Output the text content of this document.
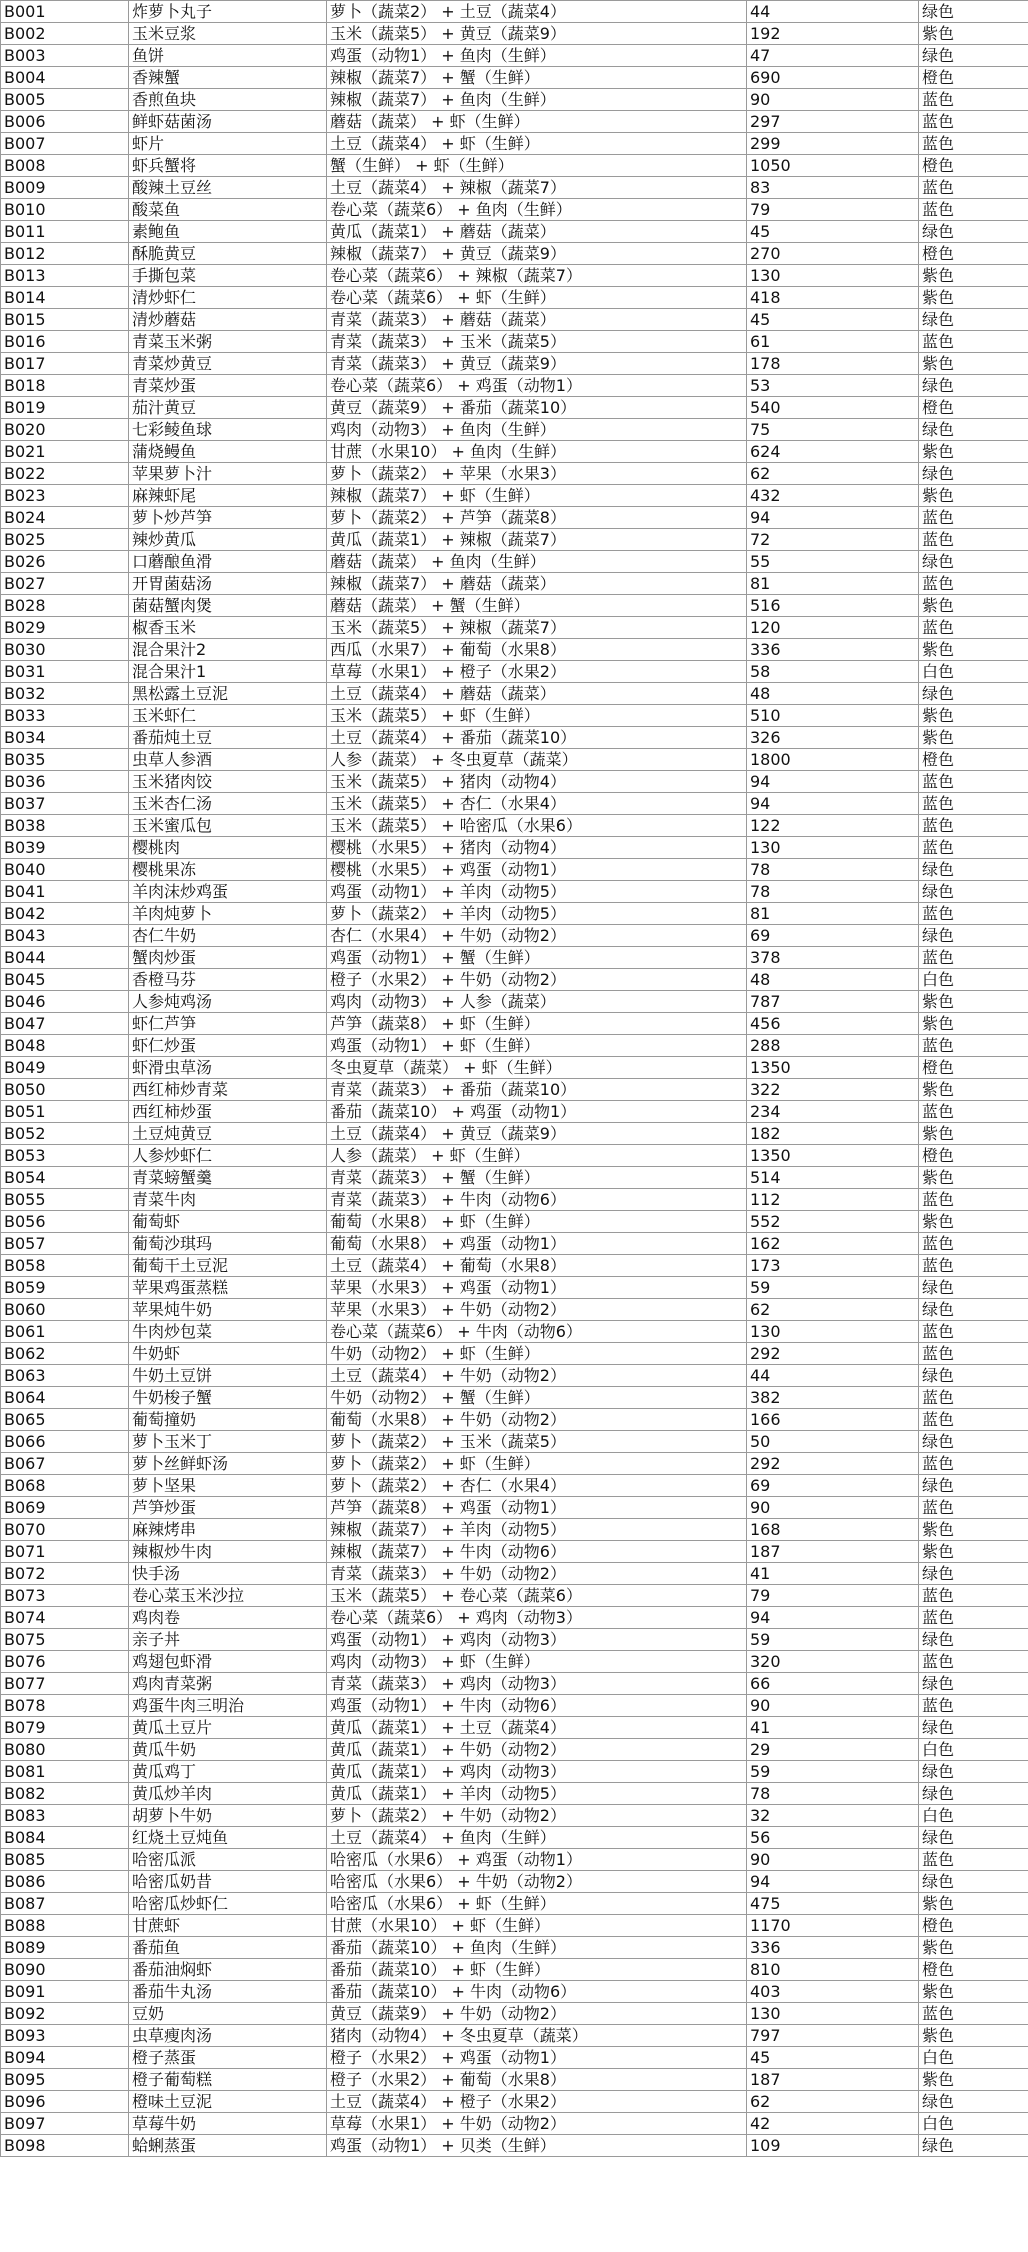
B001	炸萝卜丸子	萝卜（蔬菜2） + 土豆（蔬菜4）	44	绿色
B002	玉米豆浆	玉米（蔬菜5） + 黄豆（蔬菜9）	192	紫色
B003	鱼饼	鸡蛋（动物1） + 鱼肉（生鲜）	47	绿色
B004	香辣蟹	辣椒（蔬菜7） + 蟹（生鲜）	690	橙色
B005	香煎鱼块	辣椒（蔬菜7） + 鱼肉（生鲜）	90	蓝色
B006	鲜虾菇菌汤	蘑菇（蔬菜） + 虾（生鲜）	297	蓝色
B007	虾片	土豆（蔬菜4） + 虾（生鲜）	299	蓝色
B008	虾兵蟹将	蟹（生鲜） + 虾（生鲜）	1050	橙色
B009	酸辣土豆丝	土豆（蔬菜4） + 辣椒（蔬菜7）	83	蓝色
B010	酸菜鱼	卷心菜（蔬菜6） + 鱼肉（生鲜）	79	蓝色
B011	素鲍鱼	黄瓜（蔬菜1） + 蘑菇（蔬菜）	45	绿色
B012	酥脆黄豆	辣椒（蔬菜7） + 黄豆（蔬菜9）	270	橙色
B013	手撕包菜	卷心菜（蔬菜6） + 辣椒（蔬菜7）	130	紫色
B014	清炒虾仁	卷心菜（蔬菜6） + 虾（生鲜）	418	紫色
B015	清炒蘑菇	青菜（蔬菜3） + 蘑菇（蔬菜）	45	绿色
B016	青菜玉米粥	青菜（蔬菜3） + 玉米（蔬菜5）	61	蓝色
B017	青菜炒黄豆	青菜（蔬菜3） + 黄豆（蔬菜9）	178	紫色
B018	青菜炒蛋	卷心菜（蔬菜6） + 鸡蛋（动物1）	53	绿色
B019	茄汁黄豆	黄豆（蔬菜9） + 番茄（蔬菜10）	540	橙色
B020	七彩鲮鱼球	鸡肉（动物3） + 鱼肉（生鲜）	75	绿色
B021	蒲烧鳗鱼	甘蔗（水果10） + 鱼肉（生鲜）	624	紫色
B022	苹果萝卜汁	萝卜（蔬菜2） + 苹果（水果3）	62	绿色
B023	麻辣虾尾	辣椒（蔬菜7） + 虾（生鲜）	432	紫色
B024	萝卜炒芦笋	萝卜（蔬菜2） + 芦笋（蔬菜8）	94	蓝色
B025	辣炒黄瓜	黄瓜（蔬菜1） + 辣椒（蔬菜7）	72	蓝色
B026	口蘑酿鱼滑	蘑菇（蔬菜） + 鱼肉（生鲜）	55	绿色
B027	开胃菌菇汤	辣椒（蔬菜7） + 蘑菇（蔬菜）	81	蓝色
B028	菌菇蟹肉煲	蘑菇（蔬菜） + 蟹（生鲜）	516	紫色
B029	椒香玉米	玉米（蔬菜5） + 辣椒（蔬菜7）	120	蓝色
B030	混合果汁2	西瓜（水果7） + 葡萄（水果8）	336	紫色
B031	混合果汁1	草莓（水果1） + 橙子（水果2）	58	白色
B032	黑松露土豆泥	土豆（蔬菜4） + 蘑菇（蔬菜）	48	绿色
B033	玉米虾仁	玉米（蔬菜5） + 虾（生鲜）	510	紫色
B034	番茄炖土豆	土豆（蔬菜4） + 番茄（蔬菜10）	326	紫色
B035	虫草人参酒	人参（蔬菜） + 冬虫夏草（蔬菜）	1800	橙色
B036	玉米猪肉饺	玉米（蔬菜5） + 猪肉（动物4）	94	蓝色
B037	玉米杏仁汤	玉米（蔬菜5） + 杏仁（水果4）	94	蓝色
B038	玉米蜜瓜包	玉米（蔬菜5） + 哈密瓜（水果6）	122	蓝色
B039	樱桃肉	樱桃（水果5） + 猪肉（动物4）	130	蓝色
B040	樱桃果冻	樱桃（水果5） + 鸡蛋（动物1）	78	绿色
B041	羊肉沫炒鸡蛋	鸡蛋（动物1） + 羊肉（动物5）	78	绿色
B042	羊肉炖萝卜	萝卜（蔬菜2） + 羊肉（动物5）	81	蓝色
B043	杏仁牛奶	杏仁（水果4） + 牛奶（动物2）	69	绿色
B044	蟹肉炒蛋	鸡蛋（动物1） + 蟹（生鲜）	378	蓝色
B045	香橙马芬	橙子（水果2） + 牛奶（动物2）	48	白色
B046	人参炖鸡汤	鸡肉（动物3） + 人参（蔬菜）	787	紫色
B047	虾仁芦笋	芦笋（蔬菜8） + 虾（生鲜）	456	紫色
B048	虾仁炒蛋	鸡蛋（动物1） + 虾（生鲜）	288	蓝色
B049	虾滑虫草汤	冬虫夏草（蔬菜） + 虾（生鲜）	1350	橙色
B050	西红柿炒青菜	青菜（蔬菜3） + 番茄（蔬菜10）	322	紫色
B051	西红柿炒蛋	番茄（蔬菜10） + 鸡蛋（动物1）	234	蓝色
B052	土豆炖黄豆	土豆（蔬菜4） + 黄豆（蔬菜9）	182	紫色
B053	人参炒虾仁	人参（蔬菜） + 虾（生鲜）	1350	橙色
B054	青菜螃蟹羹	青菜（蔬菜3） + 蟹（生鲜）	514	紫色
B055	青菜牛肉	青菜（蔬菜3） + 牛肉（动物6）	112	蓝色
B056	葡萄虾	葡萄（水果8） + 虾（生鲜）	552	紫色
B057	葡萄沙琪玛	葡萄（水果8） + 鸡蛋（动物1）	162	蓝色
B058	葡萄干土豆泥	土豆（蔬菜4） + 葡萄（水果8）	173	蓝色
B059	苹果鸡蛋蒸糕	苹果（水果3） + 鸡蛋（动物1）	59	绿色
B060	苹果炖牛奶	苹果（水果3） + 牛奶（动物2）	62	绿色
B061	牛肉炒包菜	卷心菜（蔬菜6） + 牛肉（动物6）	130	蓝色
B062	牛奶虾	牛奶（动物2） + 虾（生鲜）	292	蓝色
B063	牛奶土豆饼	土豆（蔬菜4） + 牛奶（动物2）	44	绿色
B064	牛奶梭子蟹	牛奶（动物2） + 蟹（生鲜）	382	蓝色
B065	葡萄撞奶	葡萄（水果8） + 牛奶（动物2）	166	蓝色
B066	萝卜玉米丁	萝卜（蔬菜2） + 玉米（蔬菜5）	50	绿色
B067	萝卜丝鲜虾汤	萝卜（蔬菜2） + 虾（生鲜）	292	蓝色
B068	萝卜坚果	萝卜（蔬菜2） + 杏仁（水果4）	69	绿色
B069	芦笋炒蛋	芦笋（蔬菜8） + 鸡蛋（动物1）	90	蓝色
B070	麻辣烤串	辣椒（蔬菜7） + 羊肉（动物5）	168	紫色
B071	辣椒炒牛肉	辣椒（蔬菜7） + 牛肉（动物6）	187	紫色
B072	快手汤	青菜（蔬菜3） + 牛奶（动物2）	41	绿色
B073	卷心菜玉米沙拉	玉米（蔬菜5） + 卷心菜（蔬菜6）	79	蓝色
B074	鸡肉卷	卷心菜（蔬菜6） + 鸡肉（动物3）	94	蓝色
B075	亲子丼	鸡蛋（动物1） + 鸡肉（动物3）	59	绿色
B076	鸡翅包虾滑	鸡肉（动物3） + 虾（生鲜）	320	蓝色
B077	鸡肉青菜粥	青菜（蔬菜3） + 鸡肉（动物3）	66	绿色
B078	鸡蛋牛肉三明治	鸡蛋（动物1） + 牛肉（动物6）	90	蓝色
B079	黄瓜土豆片	黄瓜（蔬菜1） + 土豆（蔬菜4）	41	绿色
B080	黄瓜牛奶	黄瓜（蔬菜1） + 牛奶（动物2）	29	白色
B081	黄瓜鸡丁	黄瓜（蔬菜1） + 鸡肉（动物3）	59	绿色
B082	黄瓜炒羊肉	黄瓜（蔬菜1） + 羊肉（动物5）	78	绿色
B083	胡萝卜牛奶	萝卜（蔬菜2） + 牛奶（动物2）	32	白色
B084	红烧土豆炖鱼	土豆（蔬菜4） + 鱼肉（生鲜）	56	绿色
B085	哈密瓜派	哈密瓜（水果6） + 鸡蛋（动物1）	90	蓝色
B086	哈密瓜奶昔	哈密瓜（水果6） + 牛奶（动物2）	94	绿色
B087	哈密瓜炒虾仁	哈密瓜（水果6） + 虾（生鲜）	475	紫色
B088	甘蔗虾	甘蔗（水果10） + 虾（生鲜）	1170	橙色
B089	番茄鱼	番茄（蔬菜10） + 鱼肉（生鲜）	336	紫色
B090	番茄油焖虾	番茄（蔬菜10） + 虾（生鲜）	810	橙色
B091	番茄牛丸汤	番茄（蔬菜10） + 牛肉（动物6）	403	紫色
B092	豆奶	黄豆（蔬菜9） + 牛奶（动物2）	130	蓝色
B093	虫草瘦肉汤	猪肉（动物4） + 冬虫夏草（蔬菜）	797	紫色
B094	橙子蒸蛋	橙子（水果2） + 鸡蛋（动物1）	45	白色
B095	橙子葡萄糕	橙子（水果2） + 葡萄（水果8）	187	紫色
B096	橙味土豆泥	土豆（蔬菜4） + 橙子（水果2）	62	绿色
B097	草莓牛奶	草莓（水果1） + 牛奶（动物2）	42	白色
B098	蛤蜊蒸蛋	鸡蛋（动物1） + 贝类（生鲜）	109	绿色
